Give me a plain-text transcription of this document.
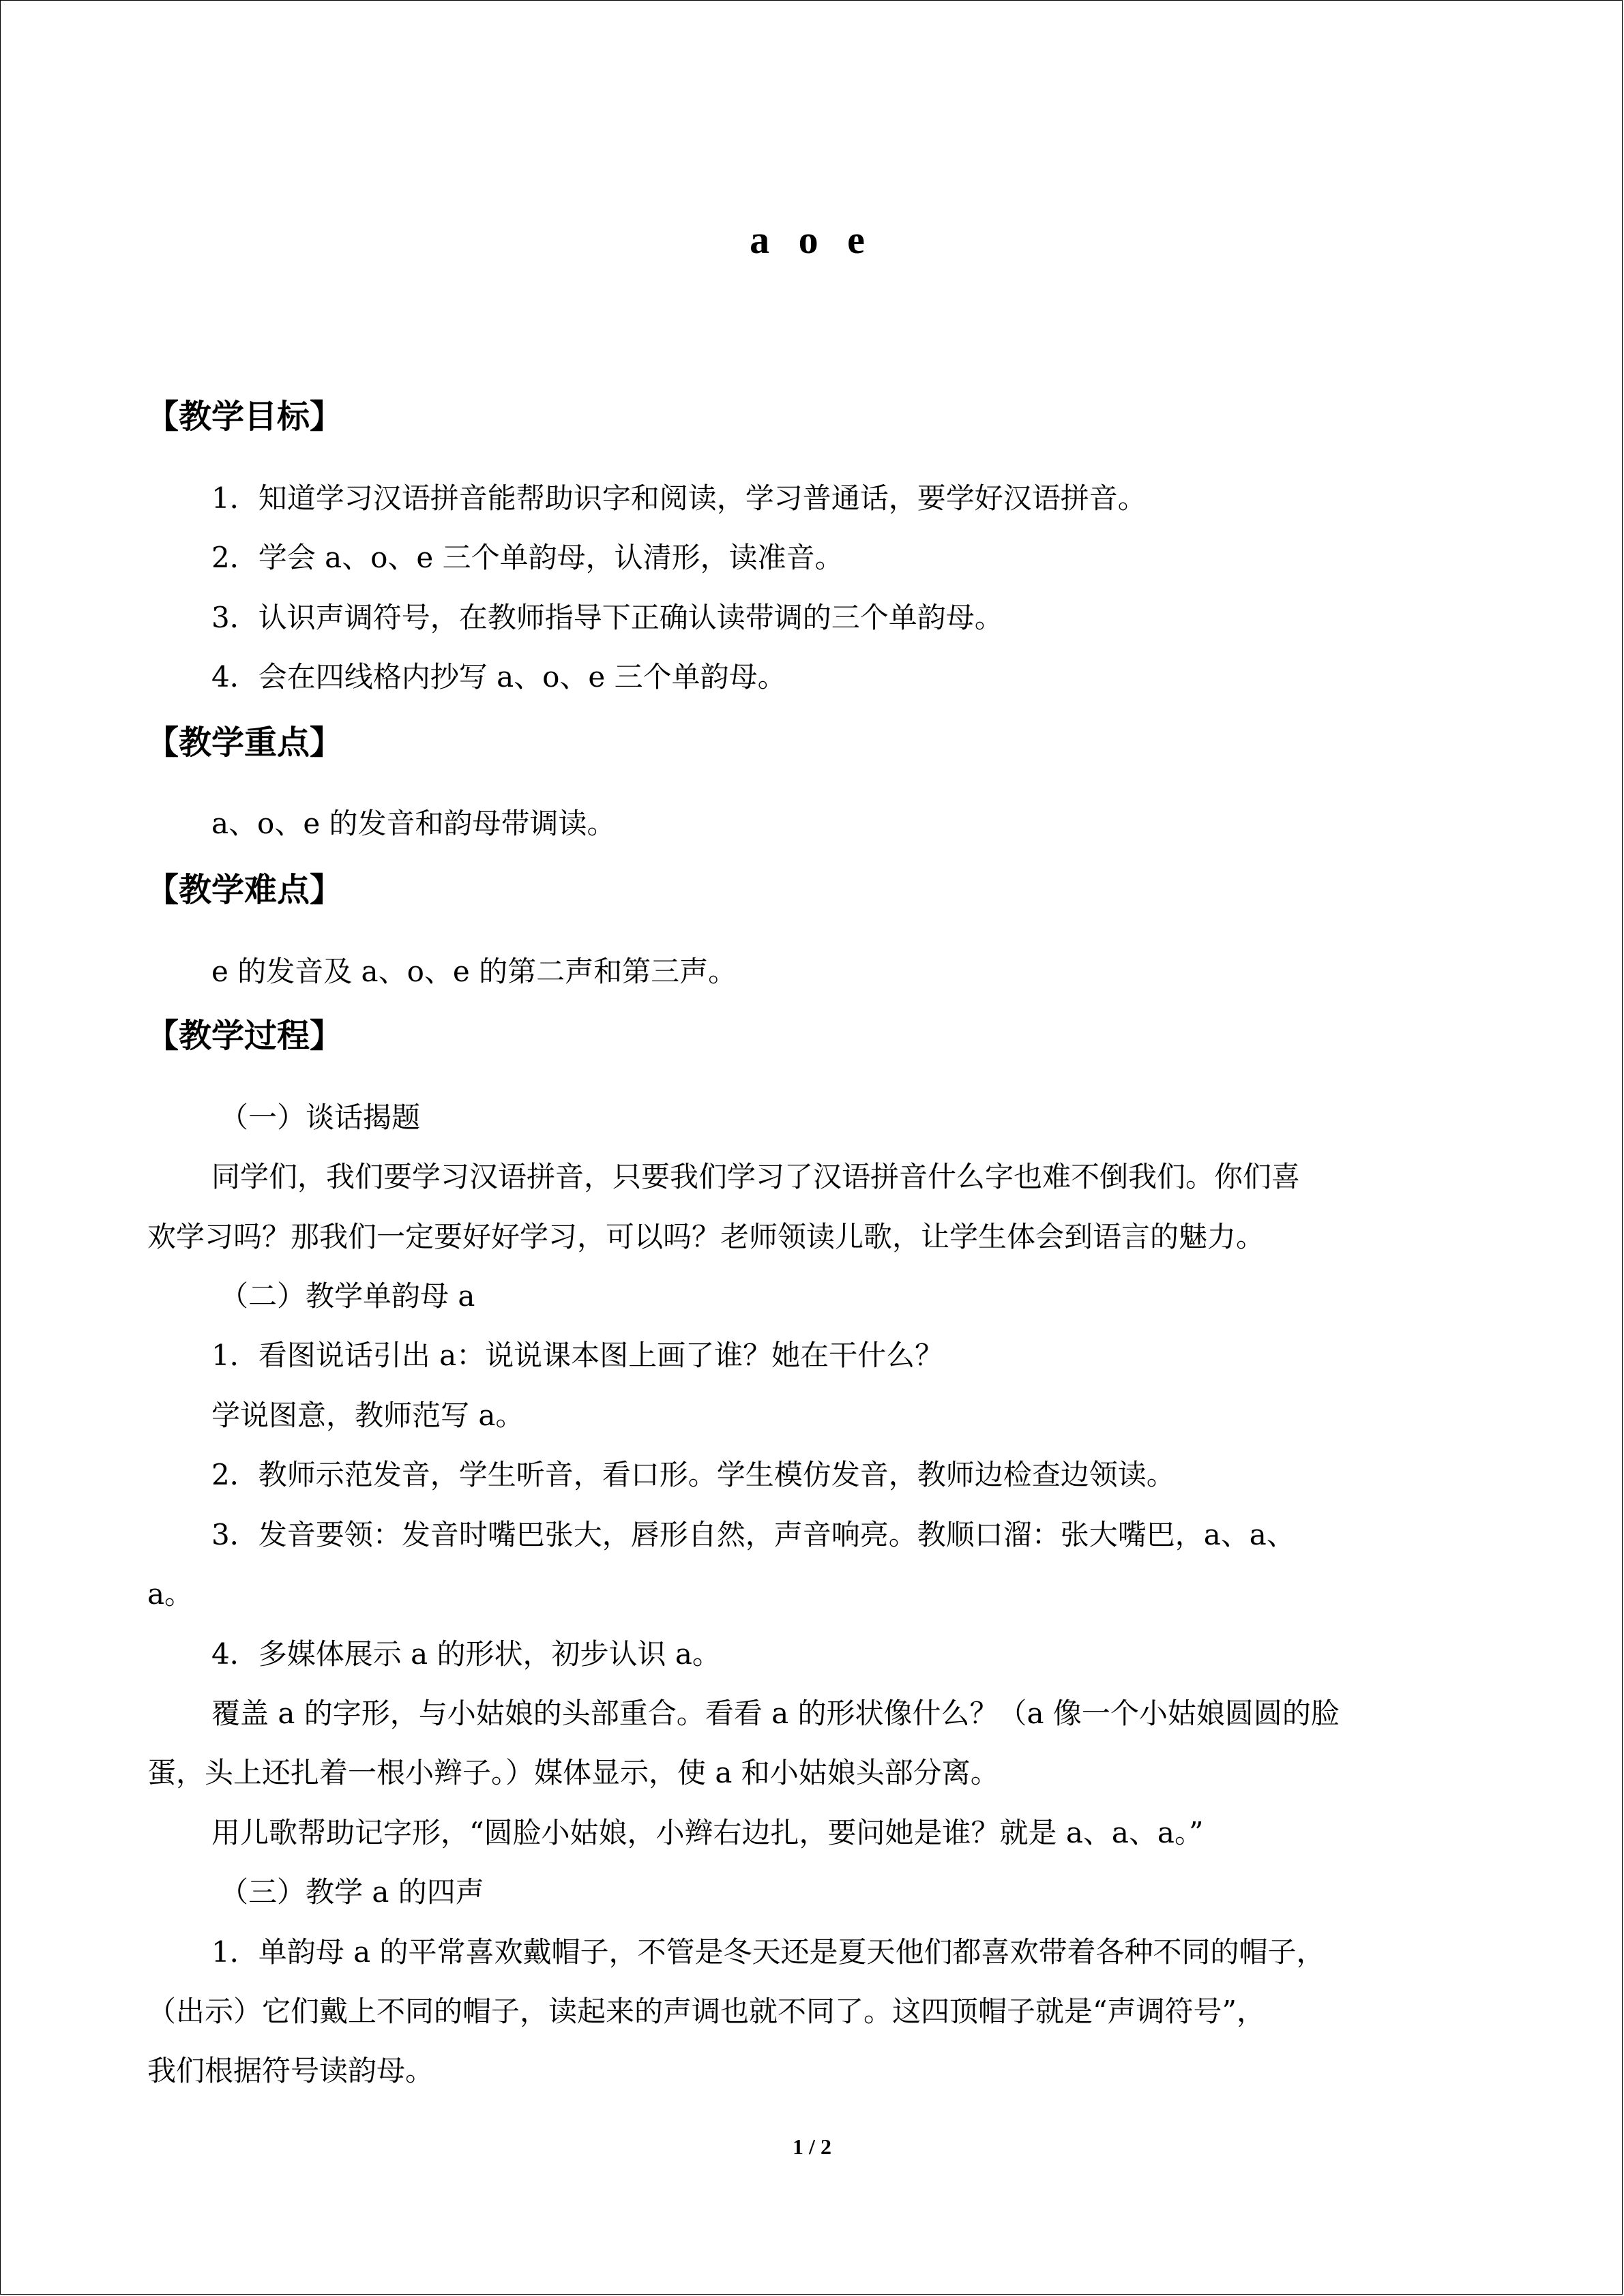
a o e
【教学目标】
1．知道学习汉语拼音能帮助识字和阅读，学习普通话，要学好汉语拼音。
2．学会 a、o、e 三个单韵母，认清形，读准音。
3．认识声调符号，在教师指导下正确认读带调的三个单韵母。
4．会在四线格内抄写 a、o、e 三个单韵母。
【教学重点】
a、o、e 的发音和韵母带调读。
【教学难点】
e 的发音及 a、o、e 的第二声和第三声。
【教学过程】
（一）谈话揭题
同学们，我们要学习汉语拼音，只要我们学习了汉语拼音什么字也难不倒我们。你们喜
欢学习吗？那我们一定要好好学习，可以吗？老师领读儿歌，让学生体会到语言的魅力。
（二）教学单韵母 a
1．看图说话引出 a：说说课本图上画了谁？她在干什么？
学说图意，教师范写 a。
2．教师示范发音，学生听音，看口形。学生模仿发音，教师边检查边领读。
3．发音要领：发音时嘴巴张大，唇形自然，声音响亮。教顺口溜：张大嘴巴，a、a、
a。
4．多媒体展示 a 的形状，初步认识 a。
覆盖 a 的字形，与小姑娘的头部重合。看看 a 的形状像什么？（a 像一个小姑娘圆圆的脸
蛋，头上还扎着一根小辫子。）媒体显示，使 a 和小姑娘头部分离。
用儿歌帮助记字形，“圆脸小姑娘，小辫右边扎，要问她是谁？就是 a、a、a。”
（三）教学 a 的四声
1．单韵母 a 的平常喜欢戴帽子，不管是冬天还是夏天他们都喜欢带着各种不同的帽子，
（出示）它们戴上不同的帽子，读起来的声调也就不同了。这四顶帽子就是“声调符号”，
我们根据符号读韵母。
1 / 2
